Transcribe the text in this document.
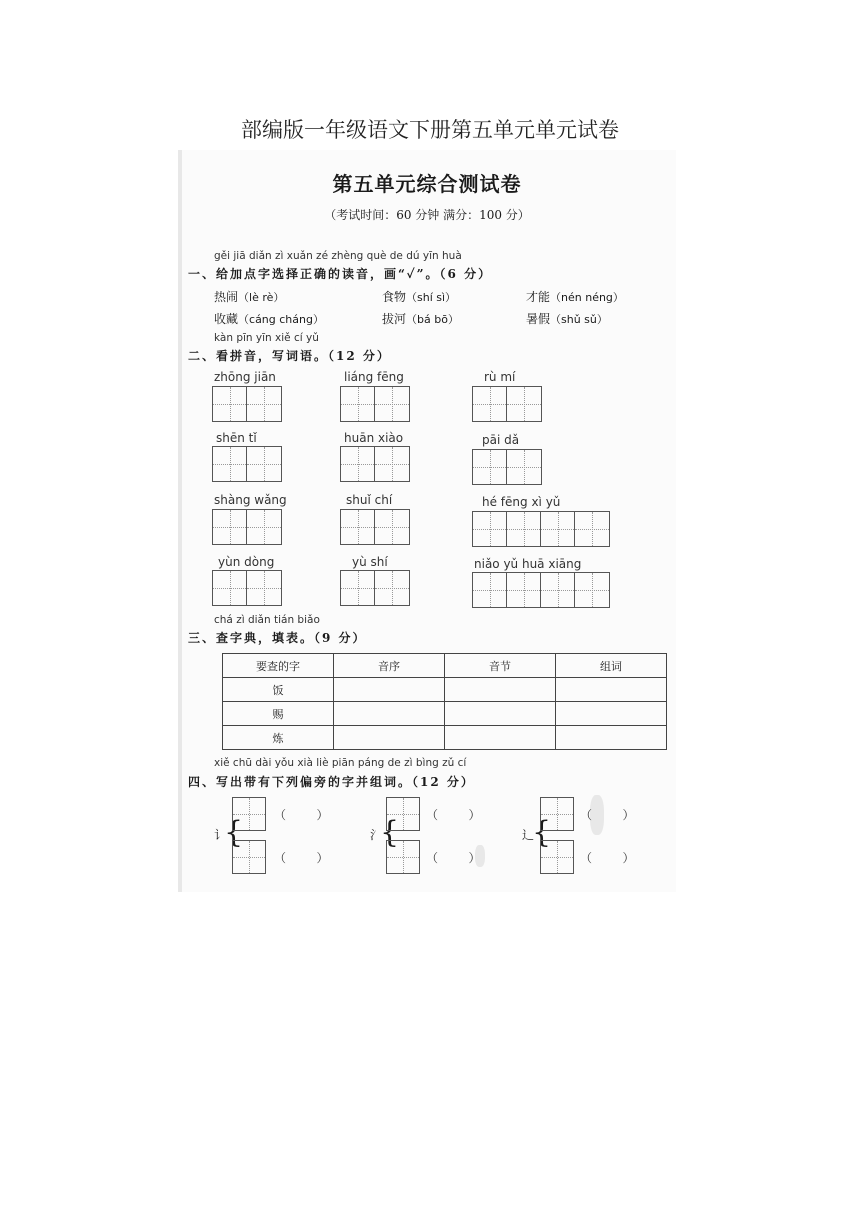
部编版一年级语文下册第五单元单元试卷
第五单元综合测试卷
（考试时间：60 分钟 满分：100 分）
gěi jiā diǎn zì xuǎn zé zhèng què de dú yīn huà
一、给加点字选择正确的读音，画“✓”。（6 分）
热闹（lè rè）	食物（shí sì）	才能（nén néng）
收藏（cáng cháng）	拔河（bá bō）	暑假（shǔ sǔ）
kàn pīn yīn xiě cí yǔ
二、看拼音，写词语。（12 分）
zhōng jiān	liáng fēng	rù mí
shēn tǐ	huān xiào	pāi dǎ
shàng wǎng	shuǐ chí	hé fēng xì yǔ
yùn dòng	yù shí	niǎo yǔ huā xiāng
chá zì diǎn tián biǎo
三、查字典，填表。（9 分）
要查的字	音序	音节	组词
饭			
赐			
炼			
xiě chū dài yǒu xià liè piān páng de zì bìng zǔ cí
四、写出带有下列偏旁的字并组词。（12 分）
讠
{	（        ）
（        ）
氵
{ （        ）
（        ）
辶
{ （        ）
（        ）
